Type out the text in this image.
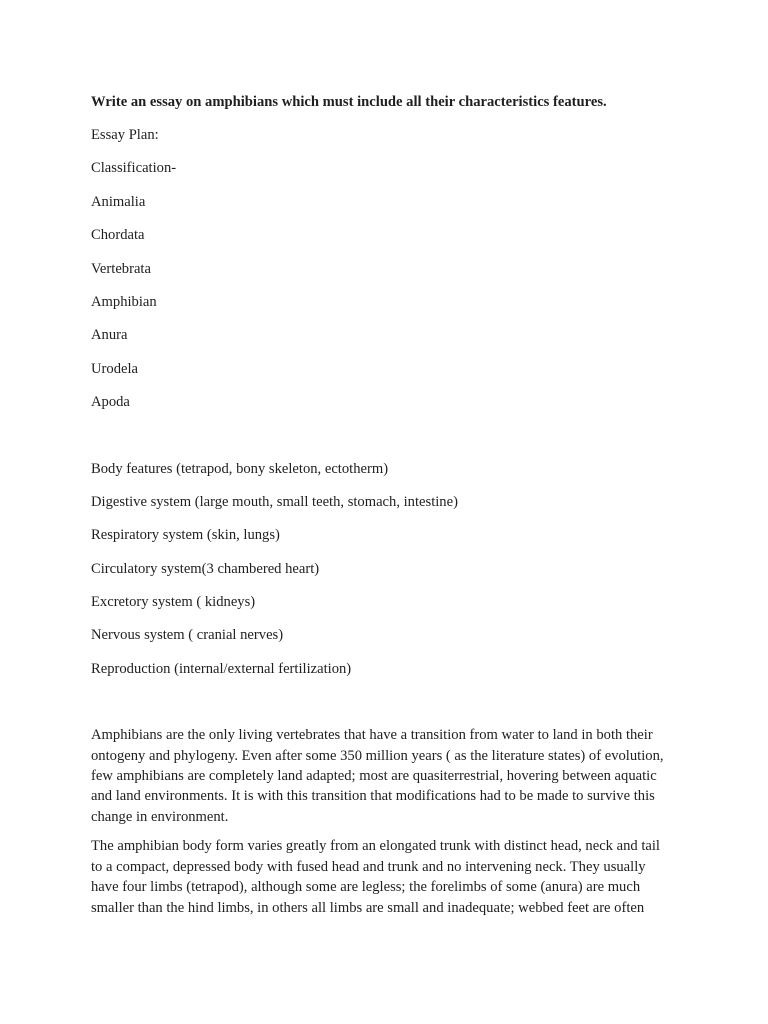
Write an essay on amphibians which must include all their characteristics features.

Essay Plan:

Classification-

Animalia

Chordata

Vertebrata

Amphibian

Anura

Urodela

Apoda

Body features (tetrapod, bony skeleton, ectotherm)

Digestive system (large mouth, small teeth, stomach, intestine)

Respiratory system (skin, lungs)

Circulatory system(3 chambered heart)

Excretory system ( kidneys)

Nervous system ( cranial nerves)

Reproduction (internal/external fertilization)

Amphibians are the only living vertebrates that have a transition from water to land in both their ontogeny and phylogeny. Even after some 350 million years ( as the literature states) of evolution, few amphibians are completely land adapted; most are quasiterrestrial, hovering between aquatic and land environments. It is with this transition that modifications had to be made to survive this change in environment.

The amphibian body form varies greatly from an elongated trunk with distinct head, neck and tail to a compact, depressed body with fused head and trunk and no intervening neck. They usually have four limbs (tetrapod), although some are legless; the forelimbs of some (anura) are much smaller than the hind limbs, in others all limbs are small and inadequate; webbed feet are often
